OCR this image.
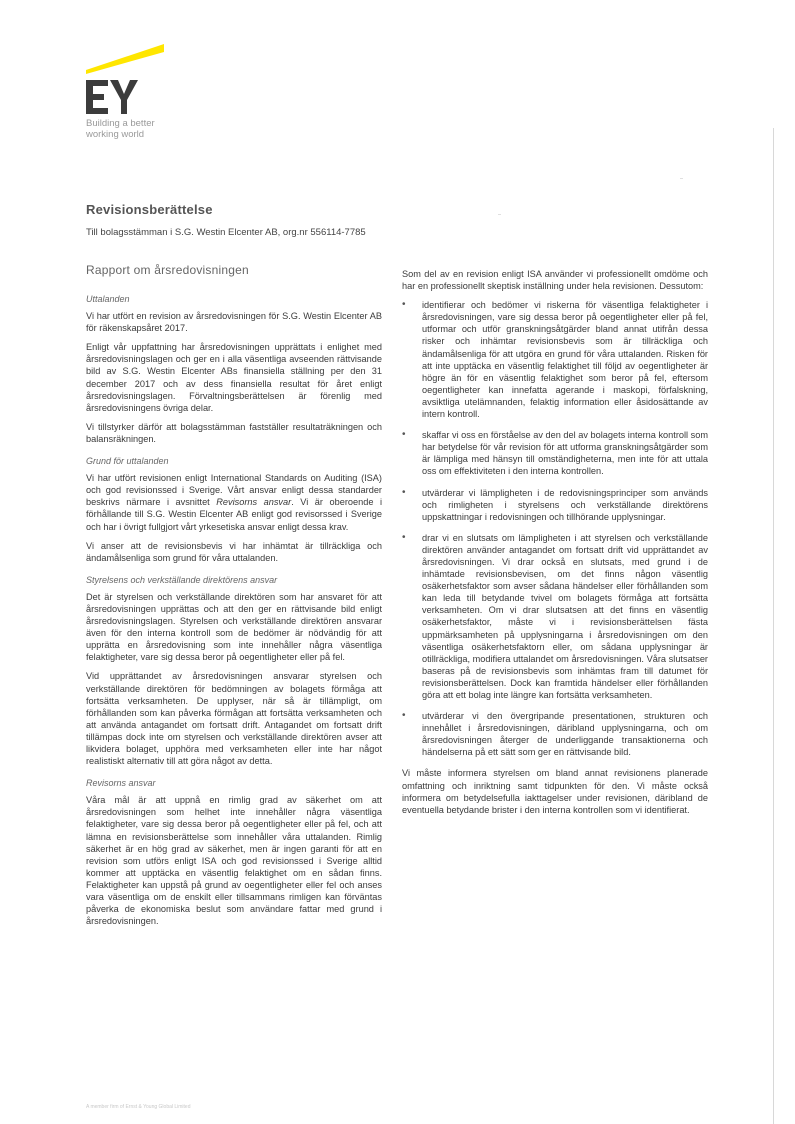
Building a better
working world
Revisionsberättelse
Till bolagsstämman i S.G. Westin Elcenter AB, org.nr 556114-7785
Rapport om årsredovisningen
Uttalanden

Vi har utfört en revision av årsredovisningen för S.G. Westin Elcenter AB för räkenskapsåret 2017.

Enligt vår uppfattning har årsredovisningen upprättats i enlighet med årsredovisningslagen och ger en i alla väsentliga avseenden rättvisande bild av S.G. Westin Elcenter ABs finansiella ställning per den 31 december 2017 och av dess finansiella resultat för året enligt årsredovisningslagen. Förvaltningsberättelsen är förenlig med årsredovisningens övriga delar.

Vi tillstyrker därför att bolagsstämman fastställer resultaträkningen och balansräkningen.

Grund för uttalanden

Vi har utfört revisionen enligt International Standards on Auditing (ISA) och god revisionssed i Sverige. Vårt ansvar enligt dessa standarder beskrivs närmare i avsnittet Revisorns ansvar. Vi är oberoende i förhållande till S.G. Westin Elcenter AB enligt god revisorssed i Sverige och har i övrigt fullgjort vårt yrkesetiska ansvar enligt dessa krav.

Vi anser att de revisionsbevis vi har inhämtat är tillräckliga och ändamålsenliga som grund för våra uttalanden.

Styrelsens och verkställande direktörens ansvar

Det är styrelsen och verkställande direktören som har ansvaret för att årsredovisningen upprättas och att den ger en rättvisande bild enligt årsredovisningslagen. Styrelsen och verkställande direktören ansvarar även för den interna kontroll som de bedömer är nödvändig för att upprätta en årsredovisning som inte innehåller några väsentliga felaktigheter, vare sig dessa beror på oegentligheter eller på fel.

Vid upprättandet av årsredovisningen ansvarar styrelsen och verkställande direktören för bedömningen av bolagets förmåga att fortsätta verksamheten. De upplyser, när så är tillämpligt, om förhållanden som kan påverka förmågan att fortsätta verksamheten och att använda antagandet om fortsatt drift. Antagandet om fortsatt drift tillämpas dock inte om styrelsen och verkställande direktören avser att likvidera bolaget, upphöra med verksamheten eller inte har något realistiskt alternativ till att göra något av detta.

Revisorns ansvar

Våra mål är att uppnå en rimlig grad av säkerhet om att årsredovisningen som helhet inte innehåller några väsentliga felaktigheter, vare sig dessa beror på oegentligheter eller på fel, och att lämna en revisionsberättelse som innehåller våra uttalanden. Rimlig säkerhet är en hög grad av säkerhet, men är ingen garanti för att en revision som utförs enligt ISA och god revisionssed i Sverige alltid kommer att upptäcka en väsentlig felaktighet om en sådan finns. Felaktigheter kan uppstå på grund av oegentligheter eller fel och anses vara väsentliga om de enskilt eller tillsammans rimligen kan förväntas påverka de ekonomiska beslut som användare fattar med grund i årsredovisningen.

Som del av en revision enligt ISA använder vi professionellt omdöme och har en professionellt skeptisk inställning under hela revisionen. Dessutom:

• identifierar och bedömer vi riskerna för väsentliga felaktigheter i årsredovisningen, vare sig dessa beror på oegentligheter eller på fel, utformar och utför granskningsåtgärder bland annat utifrån dessa risker och inhämtar revisionsbevis som är tillräckliga och ändamålsenliga för att utgöra en grund för våra uttalanden. Risken för att inte upptäcka en väsentlig felaktighet till följd av oegentligheter är högre än för en väsentlig felaktighet som beror på fel, eftersom oegentligheter kan innefatta agerande i maskopi, förfalskning, avsiktliga utelämnanden, felaktig information eller åsidosättande av intern kontroll.
• skaffar vi oss en förståelse av den del av bolagets interna kontroll som har betydelse för vår revision för att utforma granskningsåtgärder som är lämpliga med hänsyn till omständigheterna, men inte för att uttala oss om effektiviteten i den interna kontrollen.
• utvärderar vi lämpligheten i de redovisningsprinciper som används och rimligheten i styrelsens och verkställande direktörens uppskattningar i redovisningen och tillhörande upplysningar.
• drar vi en slutsats om lämpligheten i att styrelsen och verkställande direktören använder antagandet om fortsatt drift vid upprättandet av årsredovisningen. Vi drar också en slutsats, med grund i de inhämtade revisionsbevisen, om det finns någon väsentlig osäkerhetsfaktor som avser sådana händelser eller förhållanden som kan leda till betydande tvivel om bolagets förmåga att fortsätta verksamheten. Om vi drar slutsatsen att det finns en väsentlig osäkerhetsfaktor, måste vi i revisionsberättelsen fästa uppmärksamheten på upplysningarna i årsredovisningen om den väsentliga osäkerhetsfaktorn eller, om sådana upplysningar är otillräckliga, modifiera uttalandet om årsredovisningen. Våra slutsatser baseras på de revisionsbevis som inhämtas fram till datumet för revisionsberättelsen. Dock kan framtida händelser eller förhållanden göra att ett bolag inte längre kan fortsätta verksamheten.
• utvärderar vi den övergripande presentationen, strukturen och innehållet i årsredovisningen, däribland upplysningarna, och om årsredovisningen återger de underliggande transaktionerna och händelserna på ett sätt som ger en rättvisande bild.

Vi måste informera styrelsen om bland annat revisionens planerade omfattning och inriktning samt tidpunkten för den. Vi måste också informera om betydelsefulla iakttagelser under revisionen, däribland de eventuella betydande brister i den interna kontrollen som vi identifierat.

A member firm of Ernst & Young Global Limited
